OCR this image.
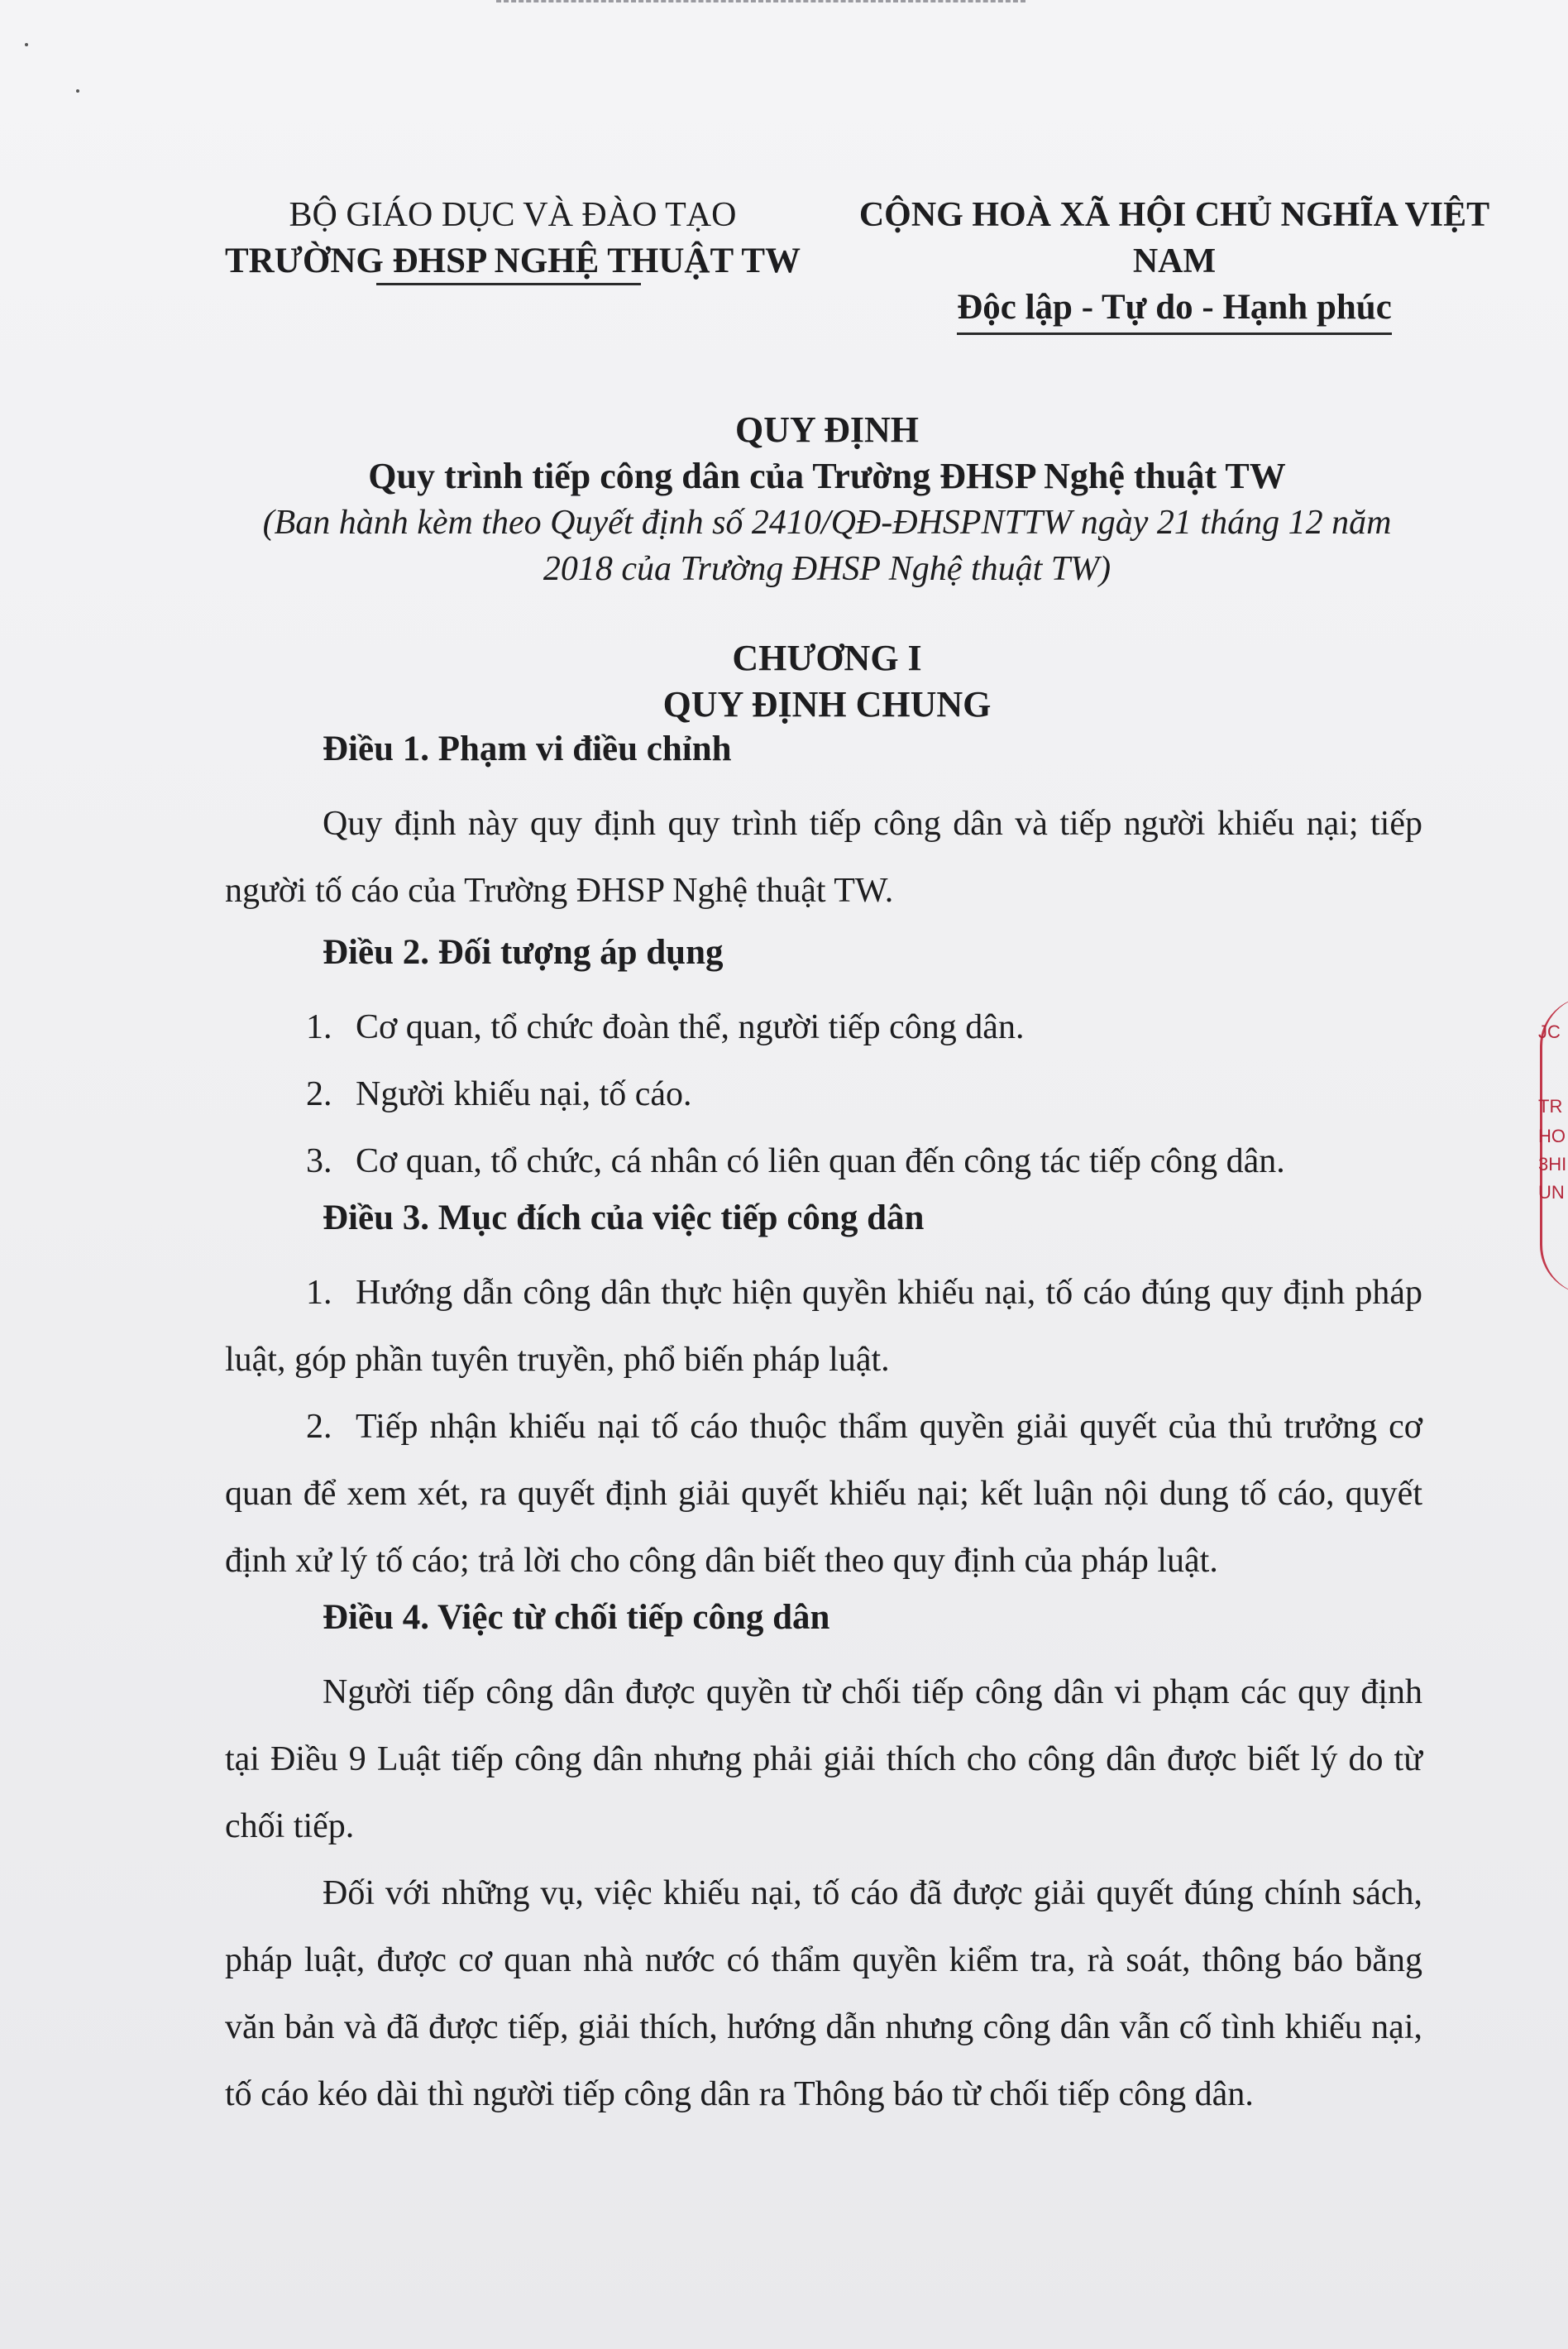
BỘ GIÁO DỤC VÀ ĐÀO TẠO
TRƯỜNG ĐHSP NGHỆ THUẬT TW
CỘNG HOÀ XÃ HỘI CHỦ NGHĨA VIỆT NAM
Độc lập - Tự do - Hạnh phúc
QUY ĐỊNH
Quy trình tiếp công dân của Trường ĐHSP Nghệ thuật TW
(Ban hành kèm theo Quyết định số 2410/QĐ-ĐHSPNTTW ngày 21 tháng 12 năm
2018 của Trường ĐHSP Nghệ thuật TW)
CHƯƠNG I
QUY ĐỊNH CHUNG
Điều 1. Phạm vi điều chỉnh

Quy định này quy định quy trình tiếp công dân và tiếp người khiếu nại; tiếp người tố cáo của Trường ĐHSP Nghệ thuật TW.

Điều 2. Đối tượng áp dụng

1. Cơ quan, tổ chức đoàn thể, người tiếp công dân.

2. Người khiếu nại, tố cáo.

3. Cơ quan, tổ chức, cá nhân có liên quan đến công tác tiếp công dân.

Điều 3. Mục đích của việc tiếp công dân

1. Hướng dẫn công dân thực hiện quyền khiếu nại, tố cáo đúng quy định pháp luật, góp phần tuyên truyền, phổ biến pháp luật.

2. Tiếp nhận khiếu nại tố cáo thuộc thẩm quyền giải quyết của thủ trưởng cơ quan để xem xét, ra quyết định giải quyết khiếu nại; kết luận nội dung tố cáo, quyết định xử lý tố cáo; trả lời cho công dân biết theo quy định của pháp luật.

Điều 4. Việc từ chối tiếp công dân

Người tiếp công dân được quyền từ chối tiếp công dân vi phạm các quy định tại Điều 9 Luật tiếp công dân nhưng phải giải thích cho công dân được biết lý do từ chối tiếp.

Đối với những vụ, việc khiếu nại, tố cáo đã được giải quyết đúng chính sách, pháp luật, được cơ quan nhà nước có thẩm quyền kiểm tra, rà soát, thông báo bằng văn bản và đã được tiếp, giải thích, hướng dẫn nhưng công dân vẫn cố tình khiếu nại, tố cáo kéo dài thì người tiếp công dân ra Thông báo từ chối tiếp công dân.

JC
TR
HO
3HI
UN
